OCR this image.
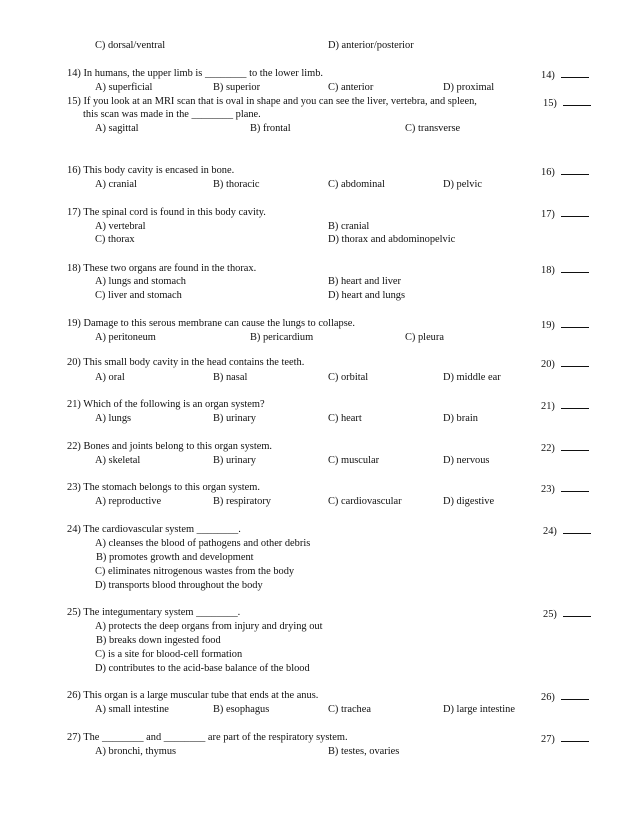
C) dorsal/ventral	D) anterior/posterior
14) In humans, the upper limb is ________ to the lower limb.	14)
A) superficial	B) superior	C) anterior	D) proximal
15) If you look at an MRI scan that is oval in shape and you can see the liver, vertebra, and spleen,	15)
this scan was made in the ________ plane.
A) sagittal	B) frontal	C) transverse
16) This body cavity is encased in bone.	16)
A) cranial	B) thoracic	C) abdominal	D) pelvic
17) The spinal cord is found in this body cavity.	17)
A) vertebral	B) cranial
C) thorax	D) thorax and abdominopelvic
18) These two organs are found in the thorax.	18)
A) lungs and stomach	B) heart and liver
C) liver and stomach	D) heart and lungs
19) Damage to this serous membrane can cause the lungs to collapse.	19)
A) peritoneum	B) pericardium	C) pleura
20) This small body cavity in the head contains the teeth.	20)
A) oral	B) nasal	C) orbital	D) middle ear
21) Which of the following is an organ system?	21)
A) lungs	B) urinary	C) heart	D) brain
22) Bones and joints belong to this organ system.	22)
A) skeletal	B) urinary	C) muscular	D) nervous
23) The stomach belongs to this organ system.	23)
A) reproductive	B) respiratory	C) cardiovascular	D) digestive
24) The cardiovascular system ________.	24)
A) cleanses the blood of pathogens and other debris
B) promotes growth and development
C) eliminates nitrogenous wastes from the body
D) transports blood throughout the body
25) The integumentary system ________.	25)
A) protects the deep organs from injury and drying out
B) breaks down ingested food
C) is a site for blood-cell formation
D) contributes to the acid-base balance of the blood
26) This organ is a large muscular tube that ends at the anus.	26)
A) small intestine	B) esophagus	C) trachea	D) large intestine
27) The ________ and ________ are part of the respiratory system.	27)
A) bronchi, thymus	B) testes, ovaries
